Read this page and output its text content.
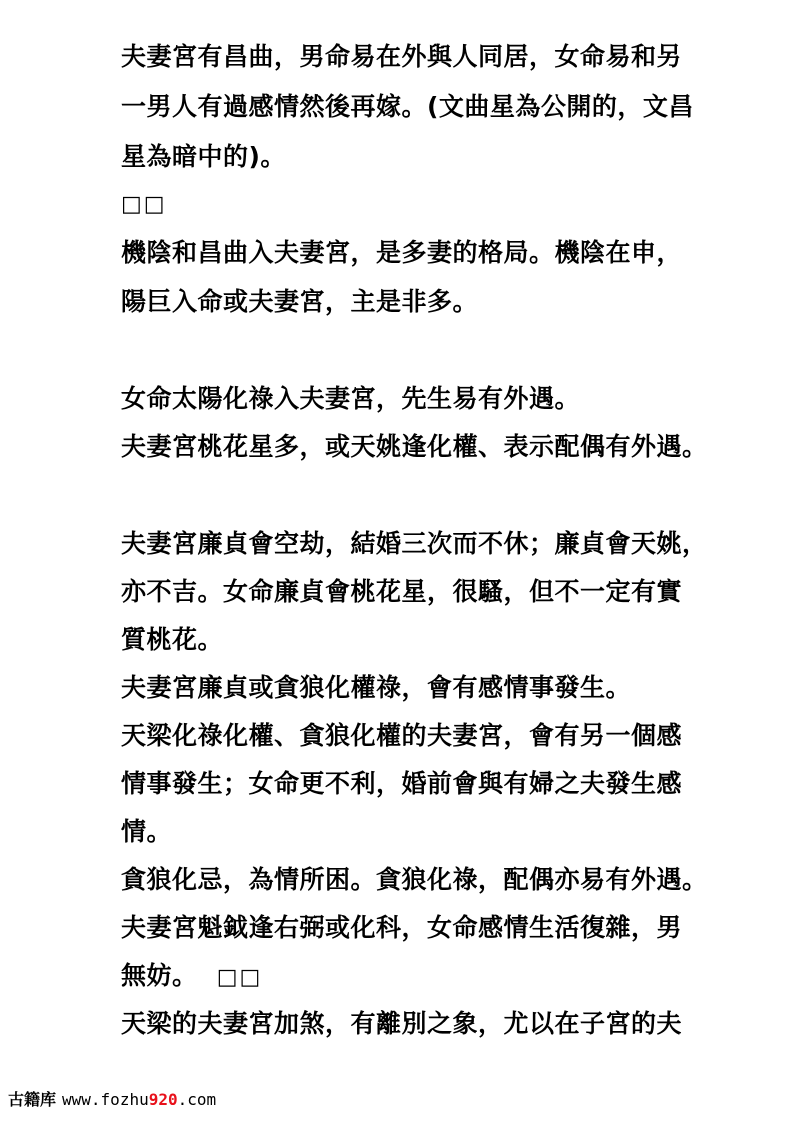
夫妻宮有昌曲，男命易在外與人同居，女命易和另
一男人有過感情然後再嫁。(文曲星為公開的，文昌
星為暗中的)。
□□
機陰和昌曲入夫妻宮，是多妻的格局。機陰在申，
陽巨入命或夫妻宮，主是非多。
女命太陽化祿入夫妻宮，先生易有外遇。
夫妻宮桃花星多，或天姚逢化權、表示配偶有外遇。
夫妻宮廉貞會空劫，結婚三次而不休；廉貞會天姚，
亦不吉。女命廉貞會桃花星，很騷，但不一定有實
質桃花。
夫妻宮廉貞或貪狼化權祿，會有感情事發生。
天梁化祿化權、貪狼化權的夫妻宮，會有另一個感
情事發生；女命更不利，婚前會與有婦之夫發生感
情。
貪狼化忌，為情所困。貪狼化祿，配偶亦易有外遇。
夫妻宮魁鉞逢右弼或化科，女命感情生活復雜，男
無妨。 □□
天梁的夫妻宮加煞，有離別之象，尤以在子宮的夫
古籍库 www.fozhu920.com
